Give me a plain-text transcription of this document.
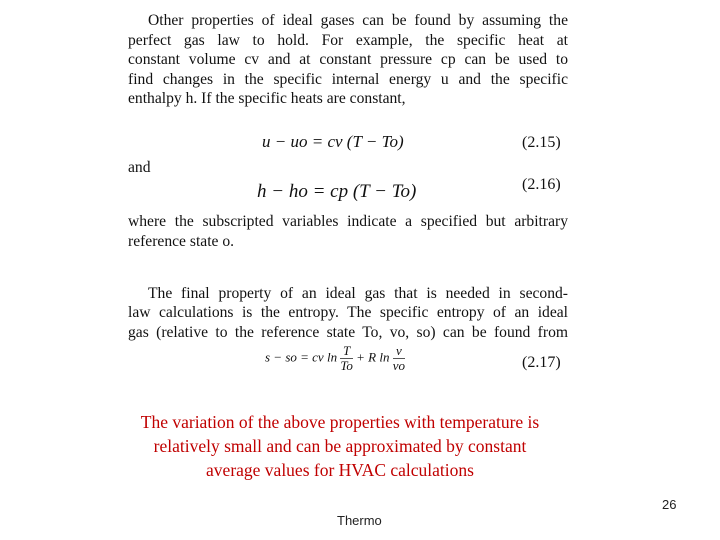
Other properties of ideal gases can be found by assuming the
perfect gas law to hold. For example, the specific heat at
constant volume cv and at constant pressure cp can be used to
find changes in the specific internal energy u and the specific
enthalpy h. If the specific heats are constant,
u − uo = cv (T − To)	(2.15)
and
h − ho = cp (T − To)	(2.16)
where the subscripted variables indicate a specified but arbitrary
reference state o.
The final property of an ideal gas that is needed in second-
law calculations is the entropy. The specific entropy of an ideal
gas (relative to the reference state To, vo, so) can be found from
s − so = cv $\ln \frac{T}{To} + R$ $\ln \frac{v}{vo}$	(2.17)
The variation of the above properties with temperature is
relatively small and can be approximated by constant
average values for HVAC calculations
Thermo
26
